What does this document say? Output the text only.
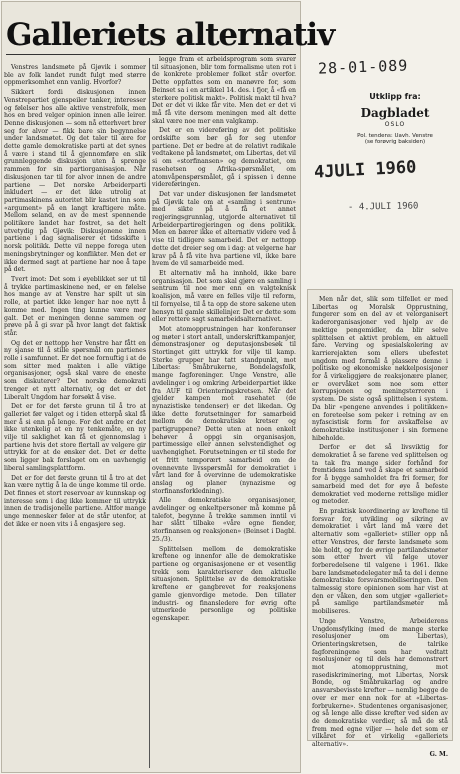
Galleriets alternativ

Venstres landsmøte på Gjøvik i sommer ble av folk landet rundt fulgt med større oppmerksomhet enn vanlig. Hvorfor?

Sikkert fordi diskusjonen innen Venstrepartiet gjenspeiler tanker, interesser og følelser hos alle aktive venstrefolk, men hos en bred velger opinion innen alle leirer. Denne diskusjonen — som nå etterhvert brer seg for alvor — fikk bare sin begynnelse under landsmøtet. Og det taler til ære for dette gamle demokratiske parti at det synes å være i stand til å gjennomføre en slik grunnleggende diskusjon uten å sprenge rammen for sin partiorganisasjon. Når diskusjonen tar til for alvor innen de andre partiene — Det norske Arbeiderparti inkludert — er det ikke utrolig at partimaskinens autoritet blir kastet inn som «argument» på en langt kraftigere måte. Mellom seland, en av de mest spennende politikere landet har fostret, sa det helt utvetydig på Gjøvik: Diskusjonene innen partiene i dag signaliserer et tidsskifte i norsk politikk. Dette vil neppe forega uten meningsbrytninger og konflikter. Men det er ikke dermed sagt at partiene har noe å tape på det.

Tvert imot: Det som i øyeblikket ser ut til å trykke partimaskinene ned, er en følelse hos mange av at Venstre har spilt ut sin rolle, at partiet ikke lenger har noe nytt å komme med. Ingen ting kunne være mer galt. Det er meningen denne sammen og prøve på å gi svar på hvor langt det faktisk står.

Og det er nettopp her Venstre har fått en ny sjanse til å stille spørsmål om partienes rolle i samfunnet. Er det noe fornuftig i at de som sitter med makten i alle viktige organisasjoner, også skal være de eneste som diskuterer? Det norske demokrati trenger et nytt alternativ, og det er det Liberalt Ungdom har forsøkt å vise.

Det er for det første grunn til å tro at galleriet før valget og i tiden etterpå skal få mer å si enn på lenge. For det andre er det ikke utenkelig at en ny tenkemåte, en ny vilje til saklighet kan få et gjennomslag i partiene hvis det store flertall av velgere gir uttrykk for at de ønsker det. Det er dette som ligger bak forslaget om en uavhengig liberal samlingsplattform.

Det er for det første grunn til å tro at det kan være nyttig å la de unge komme til orde. Det finnes et stort reservoar av kunnskap og interesse som i dag ikke kommer til uttrykk innen de tradisjonelle partiene. Altfor mange unge mennesker føler at de står utenfor, at det ikke er noen vits i å engasjere seg.

legge fram et arbeidsprogram som svarer til situasjonen, blir tom formalisme uten rot i de konkrete problemer folket står overfor. Dette oppfattes som en manøvre for, som Beinset sa i en artikkel 14. des. i fjor, å «få en sterkere politisk makt». Politisk makt til hva? Det er det vi ikke får vite. Men det er det vi må få vite dersom meningen med alt dette skal være noe mer enn valgkamp.

Det er en videreføring av det politiske ordskifte som bør gå for seg utenfor partiene. Det er bedre at de relativt radikale vedtakene på landsmøtet, om Libertas, det vil si om «storfinansen» og demokratiet, om rasehetsen og Afrika-spørsmålet, om atomvåpenspørsmålet, gå i spissen i denne videreføringen.

Det var under diskusjonen før landsmøtet på Gjøvik tale om at «samling i sentrum» med sikte på å få et annet regjeringsgrunnlag, utgjorde alternativet til Arbeiderpartiregjeringen og dens politikk. Men en bærer ikke et alternativ videre ved å vise til tidligere samarbeid. Det er nettopp dette det dreier seg om i dag: at velgerne har krav på å få vite hva partiene vil, ikke bare hvem de vil samarbeide med.

Et alternativ må ha innhold, ikke bare organisasjon. Det som skal gjøre en samling i sentrum til noe mer enn en valgteknisk koalisjon, må være en felles vilje til reform, til fornyelse, til å ta opp de store sakene uten hensyn til gamle skillelinjer. Det er dette som eller rettere sagt samarbeidsalternativet.

Mot atomopprustningen har konferanser og møter i stort antall, underskriftkampanjer, demonstrasjoner og deputasjonsbesøk til Stortinget gitt uttrykk for vilje til kamp. Sterke grupper har tatt standpunkt, mot Libertas: Småbrukerne, Bondelagsfolk, mange fagforeninger. Unge Venstre, alle avdelinger i og omkring Arbeiderpartiet ikke fra AUF til Orienteringskretsen. Når det gjelder kampen mot rasehatet (de nynazistiske tendenser) er det likedan. Og ikke dette forutsetninger for samarbeid mellom de demokratiske kretser og partigruppene? Dette uten at noen enkelt behøver å oppgi sin organisasjon, partimessige eller annen selvstendighet og uavhengighet. Forutsetningen er til stede for et fritt temporært samarbeid om de ovennevnte livsspørsmål for demokratiet i vårt land for å overvinne de udemokratiske anslag og planer (nynazisme og storfinansforkledning).

Alle demokratiske organisasjoner, avdelinger og enkeltpersoner må komme på talefot, begynne å trekke sammen inntil vi har slått tilbake «våre egne fiender, storfinansen og reaksjonen» (Beinset i Dagbl. 25./3).

Splittelsen mellom de demokratiske kreftene og innenfor alle de demokratiske partiene og organisasjonene er et vesentlig trekk som karakteriserer den aktuelle situasjonen. Splittelse av de demokratiske kreftene er gangbrevet for reaksjonens gamle gjenvordige metode. Den tillater industri- og finansledere for øvrig ofte utmerkede personlige og politiske egenskaper.

28-01-089
Utklipp fra:
Dagbladet
OSLO
Pol. tendens: Uavh. Venstre
(se forøvrig baksiden)
4JULI 1960
- 4.JULI 1960

Men når det, slik som tilfellet er med Libertas og Moralsk Opprustning, fungerer som en del av et velorganisert kaderorganisasjoner ved hjelp av de mektige pengemidler, da blir selve splittelsen et aktivt problem, en aktuell fare. Verving og spesialskolering av karrierejakten som ellers ubefestet ungdom med formål å plassere denne i politiske og økonomiske nøkkelposisjoner for å virkeliggjøre de reaksjonære planer, er overvåket som noe som etter korrupsjonen og meningsterroren i system. De siste også splittelsen i system. Da blir «pengene anvendes i politikken» en foreteelse som peker i retning av en nyfascistisk form for avskaffelse av demokratiske institusjoner i sin formene hibeholde.

Derfor er det så livsviktig for demokratiet å se farene ved splittelsen og ta tak fra mange sider forhånd for fremtidens land ved å skape et samarbeid for å bygge samholdet fra fri former, for samarbeid med det for øye å befeste demokratiet ved moderne rettslige midler og metoder.

En praktisk koordinering av kreftene til forsvar for, utvikling og sikring av demokratiet i vårt land må være det alternativ som «galleriet» stiller opp nå etter Venstres, der første landsmøte som ble holdt, og for de øvrige partilandsmøter som etter hvert vil følge utover forberedelsene til valgene i 1961. Ikke bare landsmøtedelegater må ta del i denne demokratiske forsvarsmobiliseringen. Den talmessig store opinionen som har vist at den er våken, den som utgjør «galleriet» på samlige partilandsmøter må mobiliseres.

Unge Venstre, Arbeiderens Ungdomsfylking (med de mange sterke resolusjoner om Libertas), Orienteringskretsen, de talrike fagforeningene som har vedtatt resolusjoner og til dels har demonstrert mot atomopprustning, mot rasediskriminering, mot Libertas, Norsk Bonde, og Småbrukarlag og andre ansvarsbevisste krefter — nemlig begge de over er mer enn nok for at «Libertas-forbrukerne». Studentenes organisasjoner, og så lenge alle disse krefter ved siden av de demokratiske verdier, så må de stå frem med egne viljer — hele det som er vilkåret for et virkelig «galleriets alternativ».

G. M.
